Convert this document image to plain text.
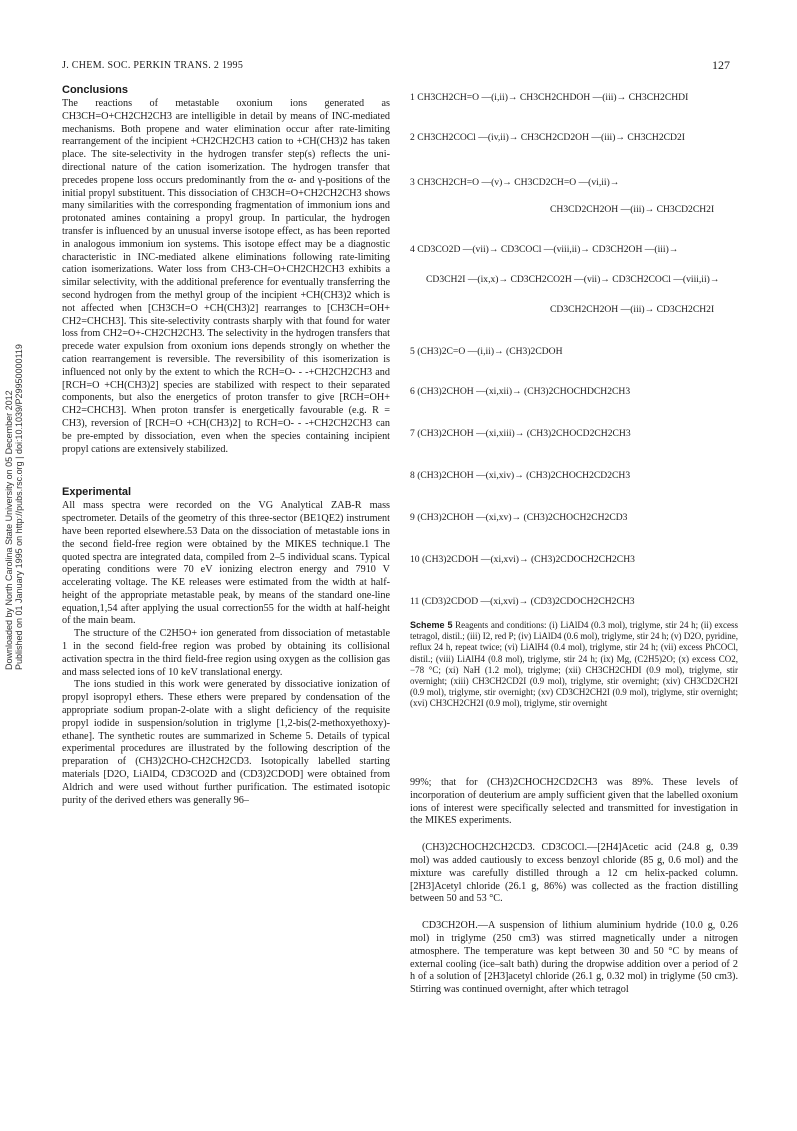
Downloaded by North Carolina State University on 05 December 2012 Published on 01 January 1995 on http://pubs.rsc.org | doi:10.1039/P29950000119
J. CHEM. SOC. PERKIN TRANS. 2 1995	127
Conclusions

The reactions of metastable oxonium ions generated as CH3CH=O+CH2CH2CH3 are intelligible in detail by means of INC-mediated mechanisms. Both propene and water elimination occur after rate-limiting rearrangement of the incipient +CH2CH2CH3 cation to +CH(CH3)2 has taken place. The site-selectivity in the hydrogen transfer step(s) reflects the uni-directional nature of the cation isomerization. The hydrogen transfer that precedes propene loss occurs predominantly from the α- and γ-positions of the initial propyl substituent. This dissociation of CH3CH=O+CH2CH2CH3 shows many similarities with the corresponding fragmentation of immonium ions and protonated amines containing a propyl group. In particular, the hydrogen transfer is influenced by an unusual inverse isotope effect, as has been reported in analogous immonium ion systems. This isotope effect may be a diagnostic characteristic in INC-mediated alkene eliminations following rate-limiting cation isomerizations. Water loss from CH3-CH=O+CH2CH2CH3 exhibits a similar selectivity, with the additional preference for eventually transferring the second hydrogen from the methyl group of the incipient +CH(CH3)2 which is not affected when [CH3CH=O +CH(CH3)2] rearranges to [CH3CH=OH+ CH2=CHCH3]. This site-selectivity contrasts sharply with that found for water loss from CH2=O+-CH2CH2CH3. The selectivity in the hydrogen transfers that precede water expulsion from oxonium ions depends strongly on whether the cation rearrangement is reversible. The reversibility of this isomerization is influenced not only by the extent to which the RCH=O- - -+CH2CH2CH3 and [RCH=O +CH(CH3)2] species are stabilized with respect to their separated components, but also the energetics of proton transfer to give [RCH=OH+ CH2=CHCH3]. When proton transfer is energetically favourable (e.g. R = CH3), reversion of [RCH=O +CH(CH3)2] to RCH=O- - -+CH2CH2CH3 can be pre-empted by dissociation, even when the species containing incipient propyl cations are extensively stabilized.

Experimental

All mass spectra were recorded on the VG Analytical ZAB-R mass spectrometer. Details of the geometry of this three-sector (BE1QE2) instrument have been reported elsewhere.53 Data on the dissociation of metastable ions in the second field-free region were obtained by the MIKES technique.1 The quoted spectra are integrated data, compiled from 2–5 individual scans. Typical operating conditions were 70 eV ionizing electron energy and 7910 V accelerating voltage. The KE releases were estimated from the width at half-height of the appropriate metastable peak, by means of the standard one-line equation,1,54 after applying the usual correction55 for the width at half-height of the main beam.

The structure of the C2H5O+ ion generated from dissociation of metastable 1 in the second field-free region was probed by obtaining its collisional activation spectra in the third field-free region using oxygen as the collision gas and mass selected ions of 10 keV translational energy.

The ions studied in this work were generated by dissociative ionization of propyl isopropyl ethers. These ethers were prepared by condensation of the appropriate sodium propan-2-olate with a slight deficiency of the requisite propyl iodide in suspension/solution in triglyme [1,2-bis(2-methoxyethoxy)-ethane]. The synthetic routes are summarized in Scheme 5. Details of typical experimental procedures are illustrated by the following description of the preparation of (CH3)2CHO-CH2CH2CD3. Isotopically labelled starting materials [D2O, LiAlD4, CD3CO2D and (CD3)2CDOD] were obtained from Aldrich and were used without further purification. The estimated isotopic purity of the derived ethers was generally 96–

1 CH3CH2CH=O —(i,ii)→ CH3CH2CHDOH —(iii)→ CH3CH2CHDI
2 CH3CH2COCl —(iv,ii)→ CH3CH2CD2OH —(iii)→ CH3CH2CD2I
3 CH3CH2CH=O —(v)→ CH3CD2CH=O —(vi,ii)→
CH3CD2CH2OH —(iii)→ CH3CD2CH2I
4 CD3CO2D —(vii)→ CD3COCl —(viii,ii)→ CD3CH2OH —(iii)→
CD3CH2I —(ix,x)→ CD3CH2CO2H —(vii)→ CD3CH2COCl —(viii,ii)→
CD3CH2CH2OH —(iii)→ CD3CH2CH2I
5 (CH3)2C=O —(i,ii)→ (CH3)2CDOH
6 (CH3)2CHOH —(xi,xii)→ (CH3)2CHOCHDCH2CH3
7 (CH3)2CHOH —(xi,xiii)→ (CH3)2CHOCD2CH2CH3
8 (CH3)2CHOH —(xi,xiv)→ (CH3)2CHOCH2CD2CH3
9 (CH3)2CHOH —(xi,xv)→ (CH3)2CHOCH2CH2CD3
10 (CH3)2CDOH —(xi,xvi)→ (CH3)2CDOCH2CH2CH3
11 (CD3)2CDOD —(xi,xvi)→ (CD3)2CDOCH2CH2CH3
Scheme 5 Reagents and conditions: (i) LiAlD4 (0.3 mol), triglyme, stir 24 h; (ii) excess tetragol, distil.; (iii) I2, red P; (iv) LiAlD4 (0.6 mol), triglyme, stir 24 h; (v) D2O, pyridine, reflux 24 h, repeat twice; (vi) LiAlH4 (0.4 mol), triglyme, stir 24 h; (vii) excess PhCOCl, distil.; (viii) LiAlH4 (0.8 mol), triglyme, stir 24 h; (ix) Mg, (C2H5)2O; (x) excess CO2, −78 °C; (xi) NaH (1.2 mol), triglyme; (xii) CH3CH2CHDI (0.9 mol), triglyme, stir overnight; (xiii) CH3CH2CD2I (0.9 mol), triglyme, stir overnight; (xiv) CH3CD2CH2I (0.9 mol), triglyme, stir overnight; (xv) CD3CH2CH2I (0.9 mol), triglyme, stir overnight; (xvi) CH3CH2CH2I (0.9 mol), triglyme, stir overnight

99%; that for (CH3)2CHOCH2CD2CH3 was 89%. These levels of incorporation of deuterium are amply sufficient given that the labelled oxonium ions of interest were specifically selected and transmitted for investigation in the MIKES experiments.

(CH3)2CHOCH2CH2CD3. CD3COCl.—[2H4]Acetic acid (24.8 g, 0.39 mol) was added cautiously to excess benzoyl chloride (85 g, 0.6 mol) and the mixture was carefully distilled through a 12 cm helix-packed column. [2H3]Acetyl chloride (26.1 g, 86%) was collected as the fraction distilling between 50 and 53 °C.

CD3CH2OH.—A suspension of lithium aluminium hydride (10.0 g, 0.26 mol) in triglyme (250 cm3) was stirred magnetically under a nitrogen atmosphere. The temperature was kept between 30 and 50 °C by means of external cooling (ice–salt bath) during the dropwise addition over a period of 2 h of a solution of [2H3]acetyl chloride (26.1 g, 0.32 mol) in triglyme (50 cm3). Stirring was continued overnight, after which tetragol
